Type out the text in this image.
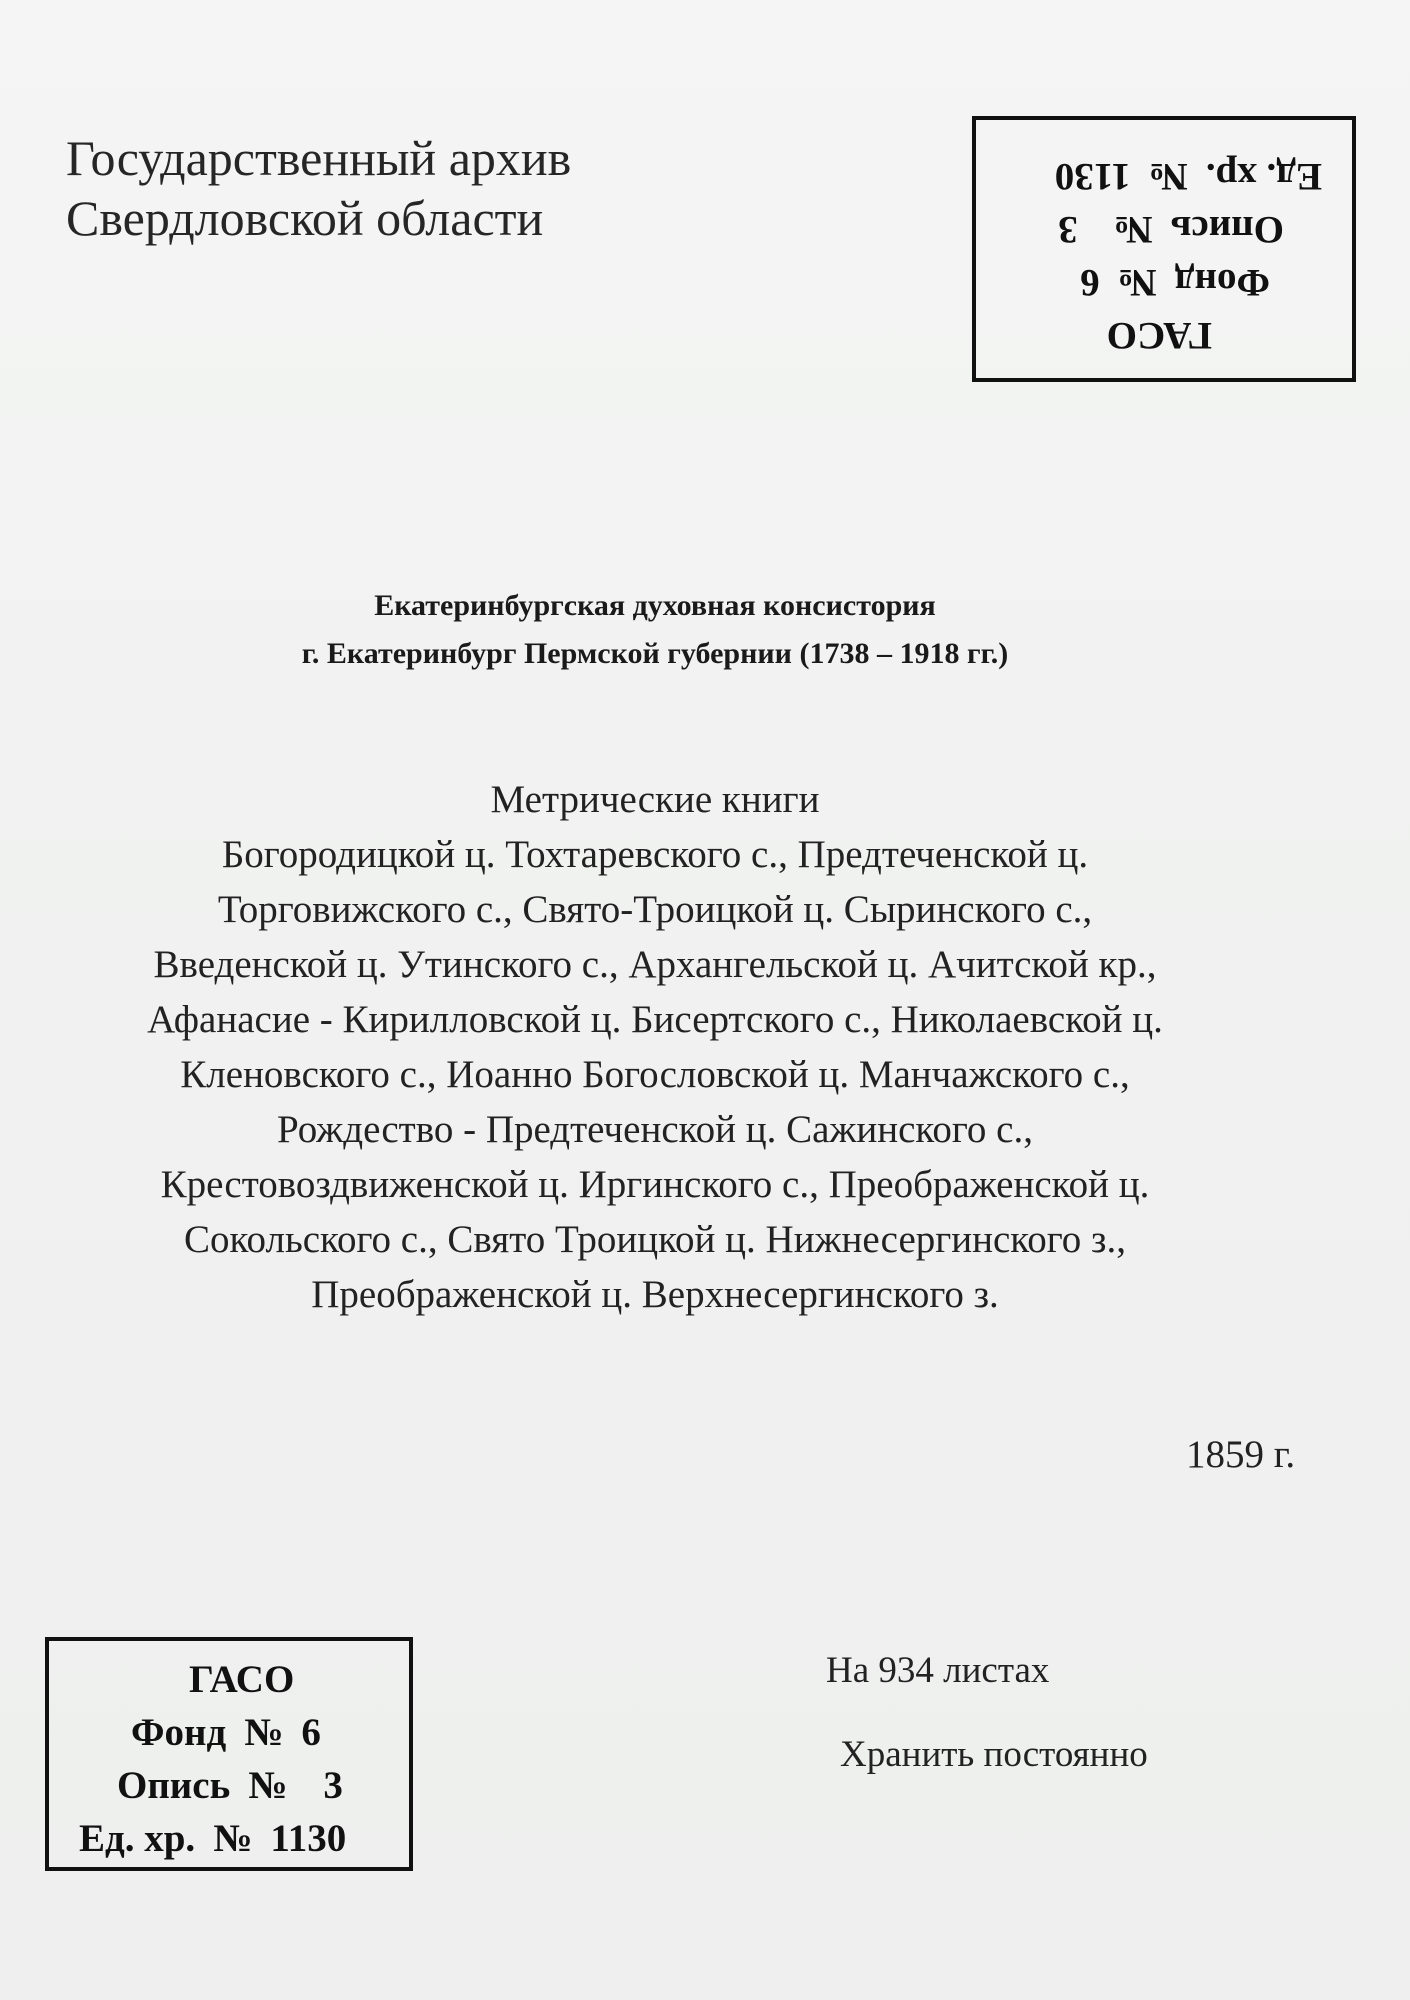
Государственный архив
Свердловской области
ГАСО
Фонд№6
Опись№3
Ед. хр.№1130
Екатеринбургская духовная консистория
г. Екатеринбург Пермской губернии (1738 – 1918 гг.)
Метрические книги
Богородицкой ц. Тохтаревского с., Предтеченской ц.
Торговижского с., Свято-Троицкой ц. Сыринского с.,
Введенской ц. Утинского с., Архангельской ц. Ачитской кр.,
Афанасие - Кирилловской ц. Бисертского с., Николаевской ц.
Кленовского с., Иоанно Богословской ц. Манчажского с.,
Рождество - Предтеченской ц. Сажинского с.,
Крестовоздвиженской ц. Иргинского с., Преображенской ц.
Сокольского с., Свято Троицкой ц. Нижнесергинского з.,
Преображенской ц. Верхнесергинского з.
1859 г.
ГАСО
Фонд № 6
Опись № 3
Ед. хр. № 1130
На 934 листах
Хранить постоянно
